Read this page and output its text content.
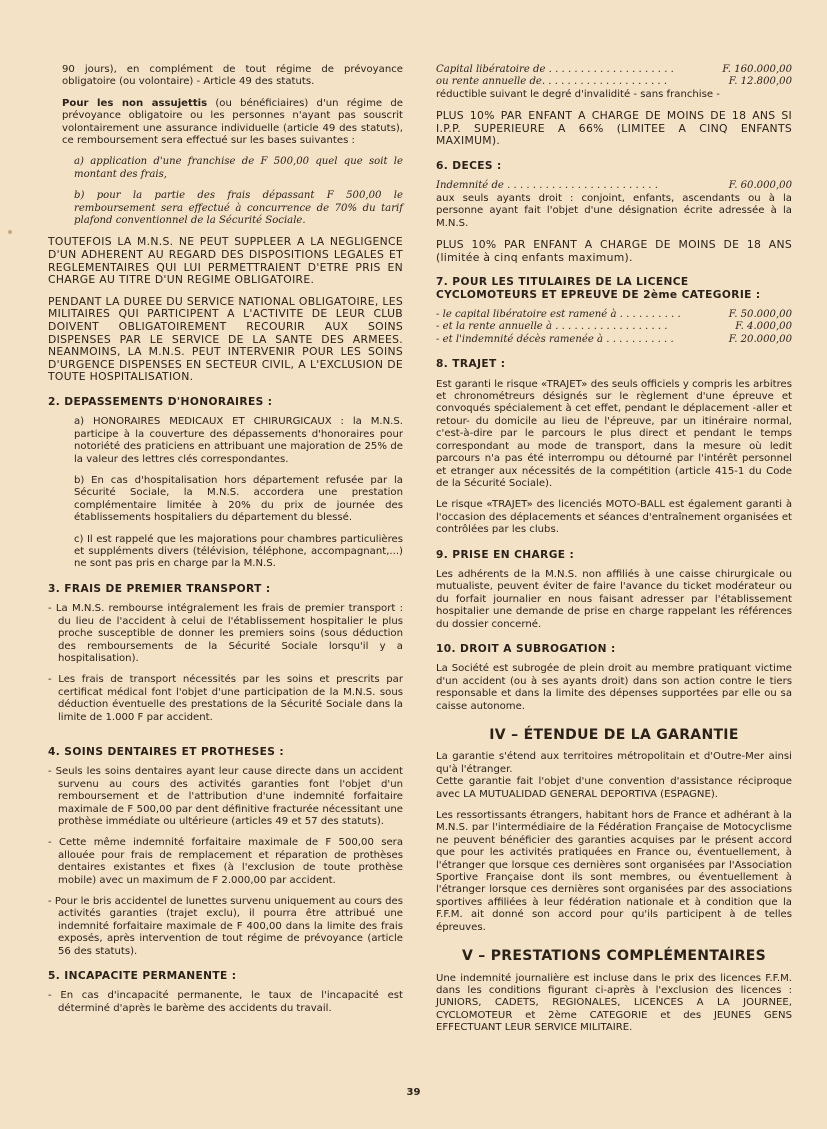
90 jours), en complément de tout régime de prévoyance obligatoire (ou volontaire) - Article 49 des statuts.

Pour les non assujettis (ou bénéficiaires) d'un régime de prévoyance obligatoire ou les personnes n'ayant pas souscrit volontairement une assurance individuelle (article 49 des statuts), ce remboursement sera effectué sur les bases suivantes :

a) application d'une franchise de F 500,00 quel que soit le montant des frais,

b) pour la partie des frais dépassant F 500,00 le remboursement sera effectué à concurrence de 70% du tarif plafond conventionnel de la Sécurité Sociale.

TOUTEFOIS LA M.N.S. NE PEUT SUPPLEER A LA NEGLIGENCE D'UN ADHERENT AU REGARD DES DISPOSITIONS LEGALES ET REGLEMENTAIRES QUI LUI PERMETTRAIENT D'ETRE PRIS EN CHARGE AU TITRE D'UN REGIME OBLIGATOIRE.

PENDANT LA DUREE DU SERVICE NATIONAL OBLIGATOIRE, LES MILITAIRES QUI PARTICIPENT A L'ACTIVITE DE LEUR CLUB DOIVENT OBLIGATOIREMENT RECOURIR AUX SOINS DISPENSES PAR LE SERVICE DE LA SANTE DES ARMEES. NEANMOINS, LA M.N.S. PEUT INTERVENIR POUR LES SOINS D'URGENCE DISPENSES EN SECTEUR CIVIL, A L'EXCLUSION DE TOUTE HOSPITALISATION.

2. DEPASSEMENTS D'HONORAIRES :

a) HONORAIRES MEDICAUX ET CHIRURGICAUX : la M.N.S. participe à la couverture des dépassements d'honoraires pour notoriété des praticiens en attribuant une majoration de 25% de la valeur des lettres clés correspondantes.

b) En cas d'hospitalisation hors département refusée par la Sécurité Sociale, la M.N.S. accordera une prestation complémentaire limitée à 20% du prix de journée des établissements hospitaliers du département du blessé.

c) Il est rappelé que les majorations pour chambres particulières et suppléments divers (télévision, téléphone, accompagnant,...) ne sont pas pris en charge par la M.N.S.

3. FRAIS DE PREMIER TRANSPORT :

- La M.N.S. rembourse intégralement les frais de premier transport : du lieu de l'accident à celui de l'établissement hospitalier le plus proche susceptible de donner les premiers soins (sous déduction des remboursements de la Sécurité Sociale lorsqu'il y a hospitalisation).

- Les frais de transport nécessités par les soins et prescrits par certificat médical font l'objet d'une participation de la M.N.S. sous déduction éventuelle des prestations de la Sécurité Sociale dans la limite de 1.000 F par accident.

4. SOINS DENTAIRES ET PROTHESES :

- Seuls les soins dentaires ayant leur cause directe dans un accident survenu au cours des activités garanties font l'objet d'un remboursement et de l'attribution d'une indemnité forfaitaire maximale de F 500,00 par dent définitive fracturée nécessitant une prothèse immédiate ou ultérieure (articles 49 et 57 des statuts).

- Cette même indemnité forfaitaire maximale de F 500,00 sera allouée pour frais de remplacement et réparation de prothèses dentaires existantes et fixes (à l'exclusion de toute prothèse mobile) avec un maximum de F 2.000,00 par accident.

- Pour le bris accidentel de lunettes survenu uniquement au cours des activités garanties (trajet exclu), il pourra être attribué une indemnité forfaitaire maximale de F 400,00 dans la limite des frais exposés, après intervention de tout régime de prévoyance (article 56 des statuts).

5. INCAPACITE PERMANENTE :

- En cas d'incapacité permanente, le taux de l'incapacité est déterminé d'après le barème des accidents du travail.

Capital libératoire de . . . . . . . . . . . . . . . . . . . .	F. 160.000,00
ou rente annuelle de. . . . . . . . . . . . . . . . . . . .	F. 12.800,00

réductible suivant le degré d'invalidité - sans franchise -

PLUS 10% PAR ENFANT A CHARGE DE MOINS DE 18 ANS SI I.P.P. SUPERIEURE A 66% (LIMITEE A CINQ ENFANTS MAXIMUM).

6. DECES :
Indemnité de . . . . . . . . . . . . . . . . . . . . . . . .	F. 60.000,00

aux seuls ayants droit : conjoint, enfants, ascendants ou à la personne ayant fait l'objet d'une désignation écrite adressée à la M.N.S.

PLUS 10% PAR ENFANT A CHARGE DE MOINS DE 18 ANS (limitée à cinq enfants maximum).

7. POUR LES TITULAIRES DE LA LICENCE CYCLOMOTEURS ET EPREUVE DE 2ème CATEGORIE :
- le capital libératoire est ramené à . . . . . . . . . .	F. 50.000,00
- et la rente annuelle à . . . . . . . . . . . . . . . . . .	F. 4.000,00
- et l'indemnité décès ramenée à . . . . . . . . . . .	F. 20.000,00
8. TRAJET :

Est garanti le risque «TRAJET» des seuls officiels y compris les arbitres et chronométreurs désignés sur le règlement d'une épreuve et convoqués spécialement à cet effet, pendant le déplacement -aller et retour- du domicile au lieu de l'épreuve, par un itinéraire normal, c'est-à-dire par le parcours le plus direct et pendant le temps correspondant au mode de transport, dans la mesure où ledit parcours n'a pas été interrompu ou détourné par l'intérêt personnel et etranger aux nécessités de la compétition (article 415-1 du Code de la Sécurité Sociale).

Le risque «TRAJET» des licenciés MOTO-BALL est également garanti à l'occasion des déplacements et séances d'entraînement organisées et contrôlées par les clubs.

9. PRISE EN CHARGE :

Les adhérents de la M.N.S. non affiliés à une caisse chirurgicale ou mutualiste, peuvent éviter de faire l'avance du ticket modérateur ou du forfait journalier en nous faisant adresser par l'établissement hospitalier une demande de prise en charge rappelant les références du dossier concerné.

10. DROIT A SUBROGATION :

La Société est subrogée de plein droit au membre pratiquant victime d'un accident (ou à ses ayants droit) dans son action contre le tiers responsable et dans la limite des dépenses supportées par elle ou sa caisse autonome.

IV – ÉTENDUE DE LA GARANTIE

La garantie s'étend aux territoires métropolitain et d'Outre-Mer ainsi qu'à l'étranger.

Cette garantie fait l'objet d'une convention d'assistance réciproque avec LA MUTUALIDAD GENERAL DEPORTIVA (ESPAGNE).

Les ressortissants étrangers, habitant hors de France et adhérant à la M.N.S. par l'intermédiaire de la Fédération Française de Motocyclisme ne peuvent bénéficier des garanties acquises par le présent accord que pour les activités pratiquées en France ou, éventuellement, à l'étranger que lorsque ces dernières sont organisées par l'Association Sportive Française dont ils sont membres, ou éventuellement à l'étranger lorsque ces dernières sont organisées par des associations sportives affiliées à leur fédération nationale et à condition que la F.F.M. ait donné son accord pour qu'ils participent à de telles épreuves.

V – PRESTATIONS COMPLÉMENTAIRES

Une indemnité journalière est incluse dans le prix des licences F.F.M. dans les conditions figurant ci-après à l'exclusion des licences : JUNIORS, CADETS, REGIONALES, LICENCES A LA JOURNEE, CYCLOMOTEUR et 2ème CATEGORIE et des JEUNES GENS EFFECTUANT LEUR SERVICE MILITAIRE.

39
